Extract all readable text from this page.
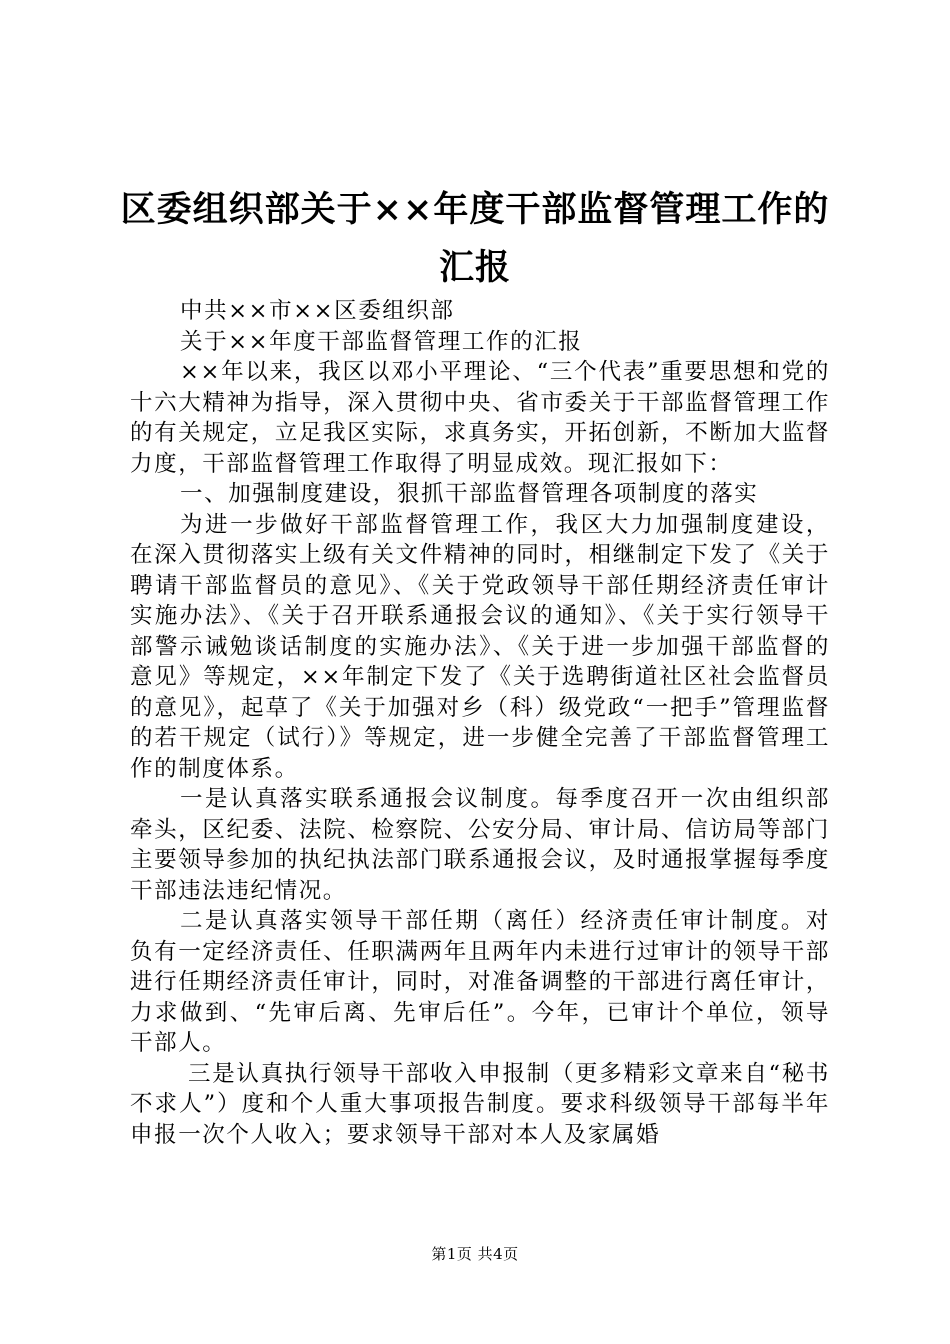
区委组织部关于××年度干部监督管理工作的
汇报

中共××市××区委组织部

关于××年度干部监督管理工作的汇报

××年以来，我区以邓小平理论、“三个代表”重要思想和党的十六大精神为指导，深入贯彻中央、省市委关于干部监督管理工作的有关规定，立足我区实际，求真务实，开拓创新，不断加大监督力度，干部监督管理工作取得了明显成效。现汇报如下：

一、加强制度建设，狠抓干部监督管理各项制度的落实

为进一步做好干部监督管理工作，我区大力加强制度建设，在深入贯彻落实上级有关文件精神的同时，相继制定下发了《关于聘请干部监督员的意见》、《关于党政领导干部任期经济责任审计实施办法》、《关于召开联系通报会议的通知》、《关于实行领导干部警示诫勉谈话制度的实施办法》、《关于进一步加强干部监督的意见》等规定，××年制定下发了《关于选聘街道社区社会监督员的意见》，起草了《关于加强对乡（科）级党政“一把手”管理监督的若干规定（试行）》等规定，进一步健全完善了干部监督管理工作的制度体系。

一是认真落实联系通报会议制度。每季度召开一次由组织部牵头，区纪委、法院、检察院、公安分局、审计局、信访局等部门主要领导参加的执纪执法部门联系通报会议，及时通报掌握每季度干部违法违纪情况。

二是认真落实领导干部任期（离任）经济责任审计制度。对负有一定经济责任、任职满两年且两年内未进行过审计的领导干部进行任期经济责任审计，同时，对准备调整的干部进行离任审计，力求做到、“先审后离、先审后任”。今年，已审计个单位，领导干部人。

三是认真执行领导干部收入申报制（更多精彩文章来自“秘书不求人”）度和个人重大事项报告制度。要求科级领导干部每半年申报一次个人收入；要求领导干部对本人及家属婚

第1页 共4页
